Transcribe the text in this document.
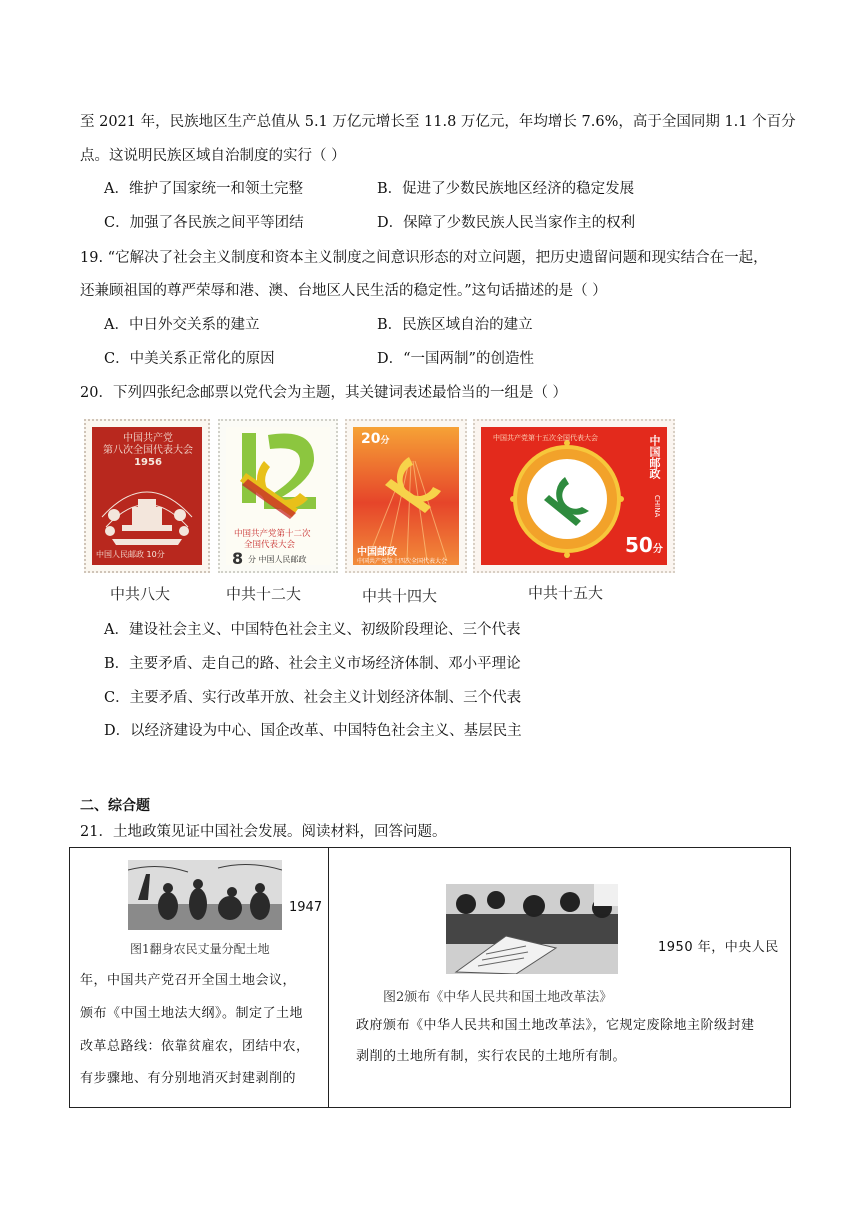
至 2021 年，民族地区生产总值从 5.1 万亿元增长至 11.8 万亿元，年均增长 7.6%，高于全国同期 1.1 个百分
点。这说明民族区域自治制度的实行（ ）
A．维护了国家统一和领土完整	B．促进了少数民族地区经济的稳定发展
C．加强了各民族之间平等团结	D．保障了少数民族人民当家作主的权利
19. “它解决了社会主义制度和资本主义制度之间意识形态的对立问题，把历史遗留问题和现实结合在一起，
还兼顾祖国的尊严荣辱和港、澳、台地区人民生活的稳定性。”这句话描述的是（ ）
A．中日外交关系的建立	B．民族区域自治的建立
C．中美关系正常化的原因	D．“一国两制”的创造性
20．下列四张纪念邮票以党代会为主题，其关键词表述最恰当的一组是（ ）
中国共产党
第八次全国代表大会
1956
中国人民邮政 10分
中国共产党第十二次
全国代表大会
8 分 中国人民邮政
20分
中国邮政
中国共产党第十四次全国代表大会
中国共产党第十五次全国代表大会	中国邮政
CHINA
50分
中共八大	中共十二大	中共十四大	中共十五大
A．建设社会主义、中国特色社会主义、初级阶段理论、三个代表
B．主要矛盾、走自己的路、社会主义市场经济体制、邓小平理论
C．主要矛盾、实行改革开放、社会主义计划经济体制、三个代表
D．以经济建设为中心、国企改革、中国特色社会主义、基层民主
二、综合题
21．土地政策见证中国社会发展。阅读材料，回答问题。
1947
图1翻身农民丈量分配土地
年，中国共产党召开全国土地会议，
颁布《中国土地法大纲》。制定了土地
改革总路线：依靠贫雇农，团结中农，
有步骤地、有分别地消灭封建剥削的
1950 年，中央人民
图2颁布《中华人民共和国土地改革法》
政府颁布《中华人民共和国土地改革法》，它规定废除地主阶级封建
剥削的土地所有制，实行农民的土地所有制。
